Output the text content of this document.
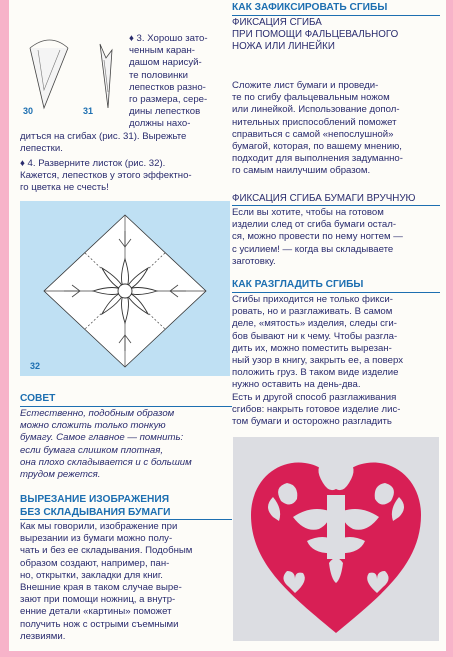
30	31
♦ 3. Хорошо зато-
ченным каран-
дашом нарисуй-
те половинки
лепестков разно-
го размера, сере-
дины лепестков
должны нахо-
дитъся на сгибах (рис. 31). Вырежьте лепестки.
♦ 4. Разверните листок (рис. 32).
Кажется, лепестков у этого эффектно-
го цветка не счесть!
32
СОВЕТ
Естественно, подобным образом
можно сложить только тонкую
бумагу. Самое главное — помнить:
если бумага слишком плотная,
она плохо складывается и с большим
трудом режется.
ВЫРЕЗАНИЕ ИЗОБРАЖЕНИЯ
БЕЗ СКЛАДЫВАНИЯ БУМАГИ
Как мы говорили, изображение при
вырезании из бумаги можно полу-
чать и без ее складывания. Подобным
образом создают, например, пан-
но, открытки, закладки для книг.
Внешние края в таком случае выре-
зают при помощи ножниц, а внутр-
енние детали «картины» поможет
получить нож с острыми съемными
лезвиями.
КАК ЗАФИКСИРОВАТЬ СГИБЫ
ФИКСАЦИЯ СГИБА
ПРИ ПОМОЩИ ФАЛЬЦЕВАЛЬНОГО
НОЖА ИЛИ ЛИНЕЙКИ
Сложите лист бумаги и проведи-
те по сгибу фальцевальным ножом
или линейкой. Использование допол-
нительных приспособлений поможет
справиться с самой «непослушной»
бумагой, которая, по вашему мнению,
подходит для выполнения задуманно-
го самым наилучшим образом.
ФИКСАЦИЯ СГИБА БУМАГИ ВРУЧНУЮ
Если вы хотите, чтобы на готовом
изделии след от сгиба бумаги остал-
ся, можно провести по нему ногтем —
с усилием! — когда вы складываете
заготовку.
КАК РАЗГЛАДИТЬ СГИБЫ
Сгибы приходится не только фикси-
ровать, но и разглаживать. В самом
деле, «мятость» изделия, следы сги-
бов бывают ни к чему. Чтобы разгла-
дить их, можно поместить вырезан-
ный узор в книгу, закрыть ее, а поверх
положить груз. В таком виде изделие
нужно оставить на день-два.
Есть и другой способ разглаживания
сгибов: накрыть готовое изделие лис-
том бумаги и осторожно разгладить
